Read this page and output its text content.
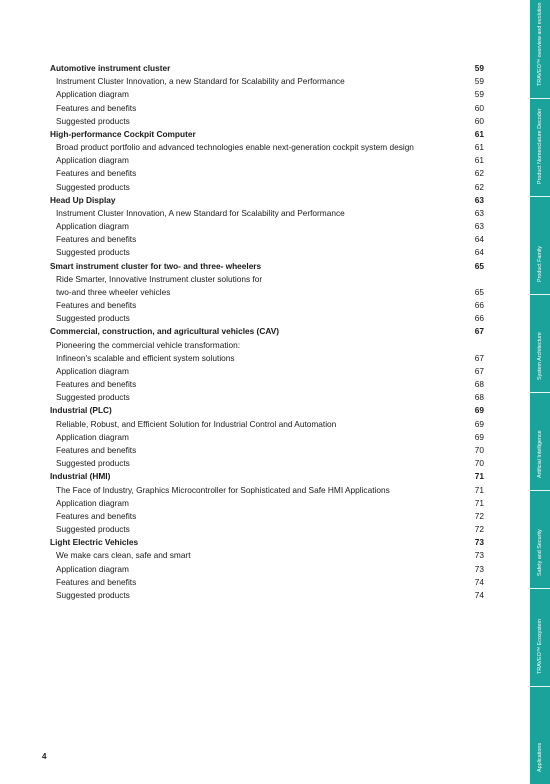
Automotive instrument cluster	59
Instrument Cluster Innovation, a new Standard for Scalability and Performance	59
Application diagram	59
Features and benefits	60
Suggested products	60
High-performance Cockpit Computer	61
Broad product portfolio and advanced technologies enable next-generation cockpit system design	61
Application diagram	61
Features and benefits	62
Suggested products	62
Head Up Display	63
Instrument Cluster Innovation, A new Standard for Scalability and Performance	63
Application diagram	63
Features and benefits	64
Suggested products	64
Smart instrument cluster for two- and three- wheelers	65
Ride Smarter, Innovative Instrument cluster solutions for
two-and three wheeler vehicles	65
Features and benefits	66
Suggested products	66
Commercial, construction, and agricultural vehicles (CAV)	67
Pioneering the commercial vehicle transformation:
Infineon's scalable and efficient system solutions	67
Application diagram	67
Features and benefits	68
Suggested products	68
Industrial (PLC)	69
Reliable, Robust, and Efficient Solution for Industrial Control and Automation	69
Application diagram	69
Features and benefits	70
Suggested products	70
Industrial (HMI)	71
The Face of Industry, Graphics Microcontroller for Sophisticated and Safe HMI Applications	71
Application diagram	71
Features and benefits	72
Suggested products	72
Light Electric Vehicles	73
We make cars clean, safe and smart	73
Application diagram	73
Features and benefits	74
Suggested products	74
4
TRAVEO™ overview and evolution
Product Nomenclature Decoder
Product Family
System Architecture
Artificial Intelligence
Safety and Security
TRAVEO™ Ecosystem
Applications
